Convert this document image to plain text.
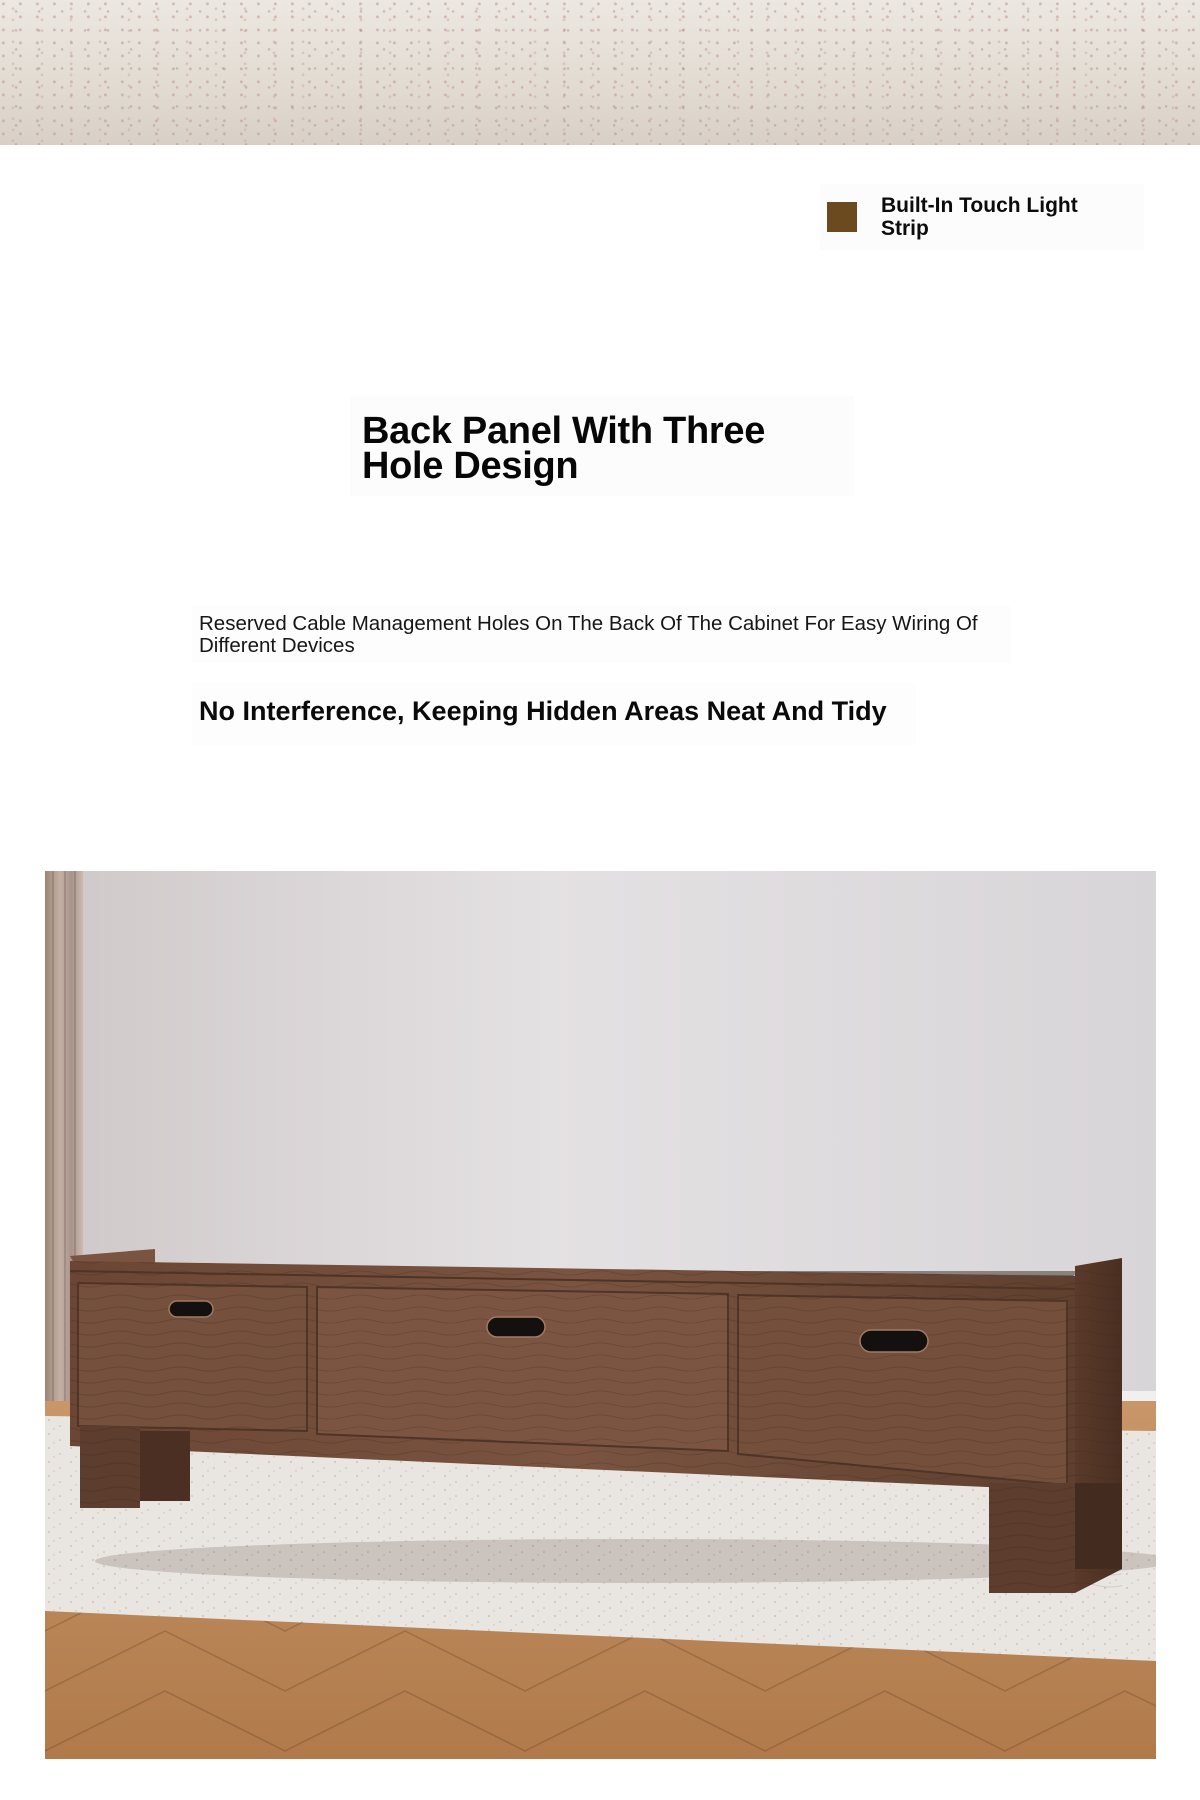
Built-In Touch Light Strip
Back Panel With Three Hole Design

Reserved Cable Management Holes On The Back Of The Cabinet For Easy Wiring Of Different Devices

No Interference, Keeping Hidden Areas Neat And Tidy
